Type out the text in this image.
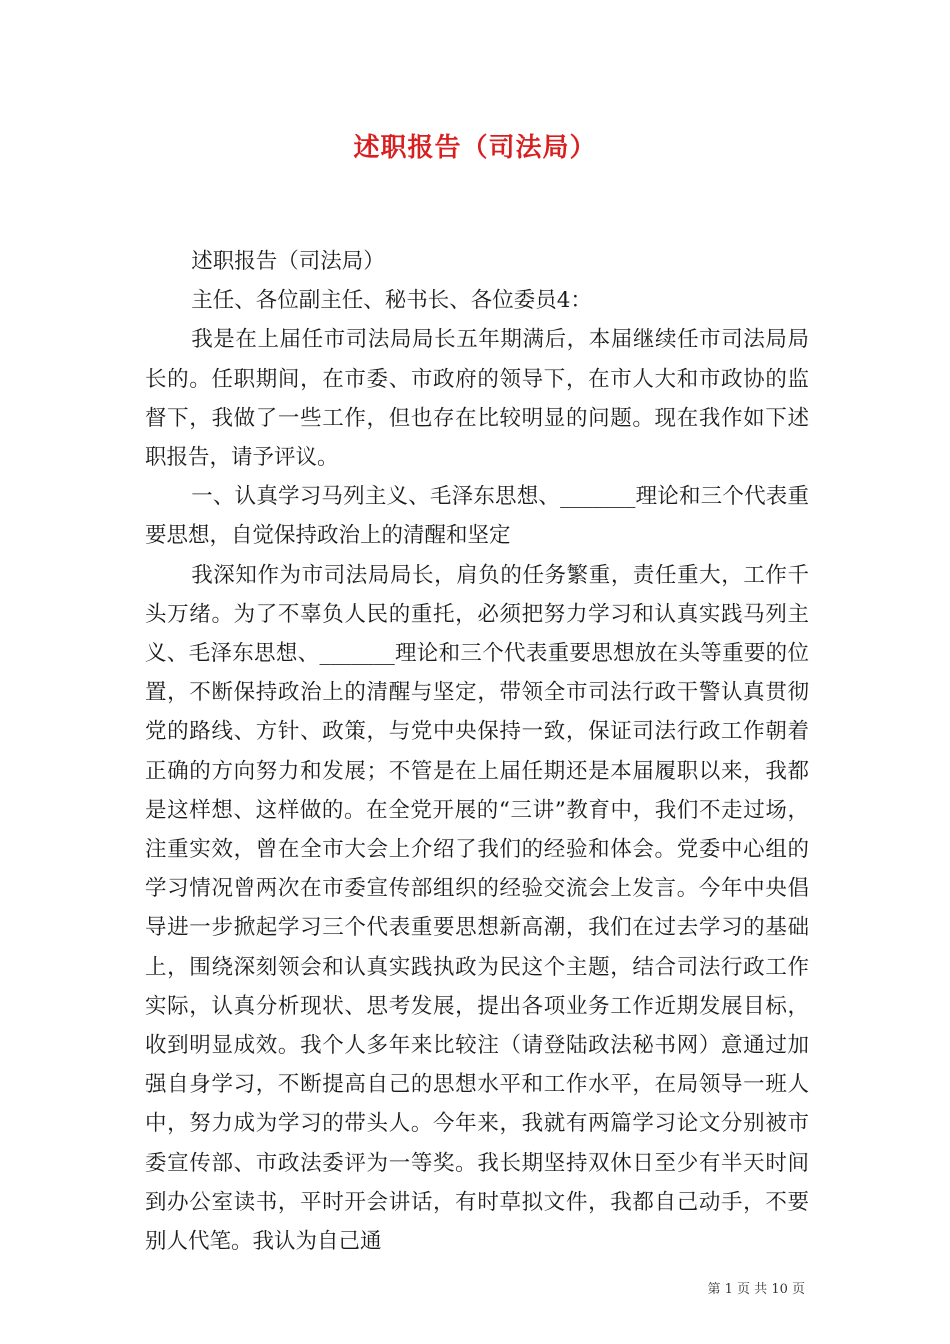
述职报告（司法局）

述职报告（司法局）

主任、各位副主任、秘书长、各位委员4：

我是在上届任市司法局局长五年期满后，本届继续任市司法局局长的。任职期间，在市委、市政府的领导下，在市人大和市政协的监督下，我做了一些工作，但也存在比较明显的问题。现在我作如下述职报告，请予评议。

一、认真学习马列主义、毛泽东思想、_______理论和三个代表重要思想，自觉保持政治上的清醒和坚定

我深知作为市司法局局长，肩负的任务繁重，责任重大，工作千头万绪。为了不辜负人民的重托，必须把努力学习和认真实践马列主义、毛泽东思想、_______理论和三个代表重要思想放在头等重要的位置，不断保持政治上的清醒与坚定，带领全市司法行政干警认真贯彻党的路线、方针、政策，与党中央保持一致，保证司法行政工作朝着正确的方向努力和发展；不管是在上届任期还是本届履职以来，我都是这样想、这样做的。在全党开展的“三讲”教育中，我们不走过场，注重实效，曾在全市大会上介绍了我们的经验和体会。党委中心组的学习情况曾两次在市委宣传部组织的经验交流会上发言。今年中央倡导进一步掀起学习三个代表重要思想新高潮，我们在过去学习的基础上，围绕深刻领会和认真实践执政为民这个主题，结合司法行政工作实际，认真分析现状、思考发展，提出各项业务工作近期发展目标，收到明显成效。我个人多年来比较注（请登陆政法秘书网）意通过加强自身学习，不断提高自己的思想水平和工作水平，在局领导一班人中，努力成为学习的带头人。今年来，我就有两篇学习论文分别被市委宣传部、市政法委评为一等奖。我长期坚持双休日至少有半天时间到办公室读书，平时开会讲话，有时草拟文件，我都自己动手，不要别人代笔。我认为自己通

第 1 页 共 10 页
